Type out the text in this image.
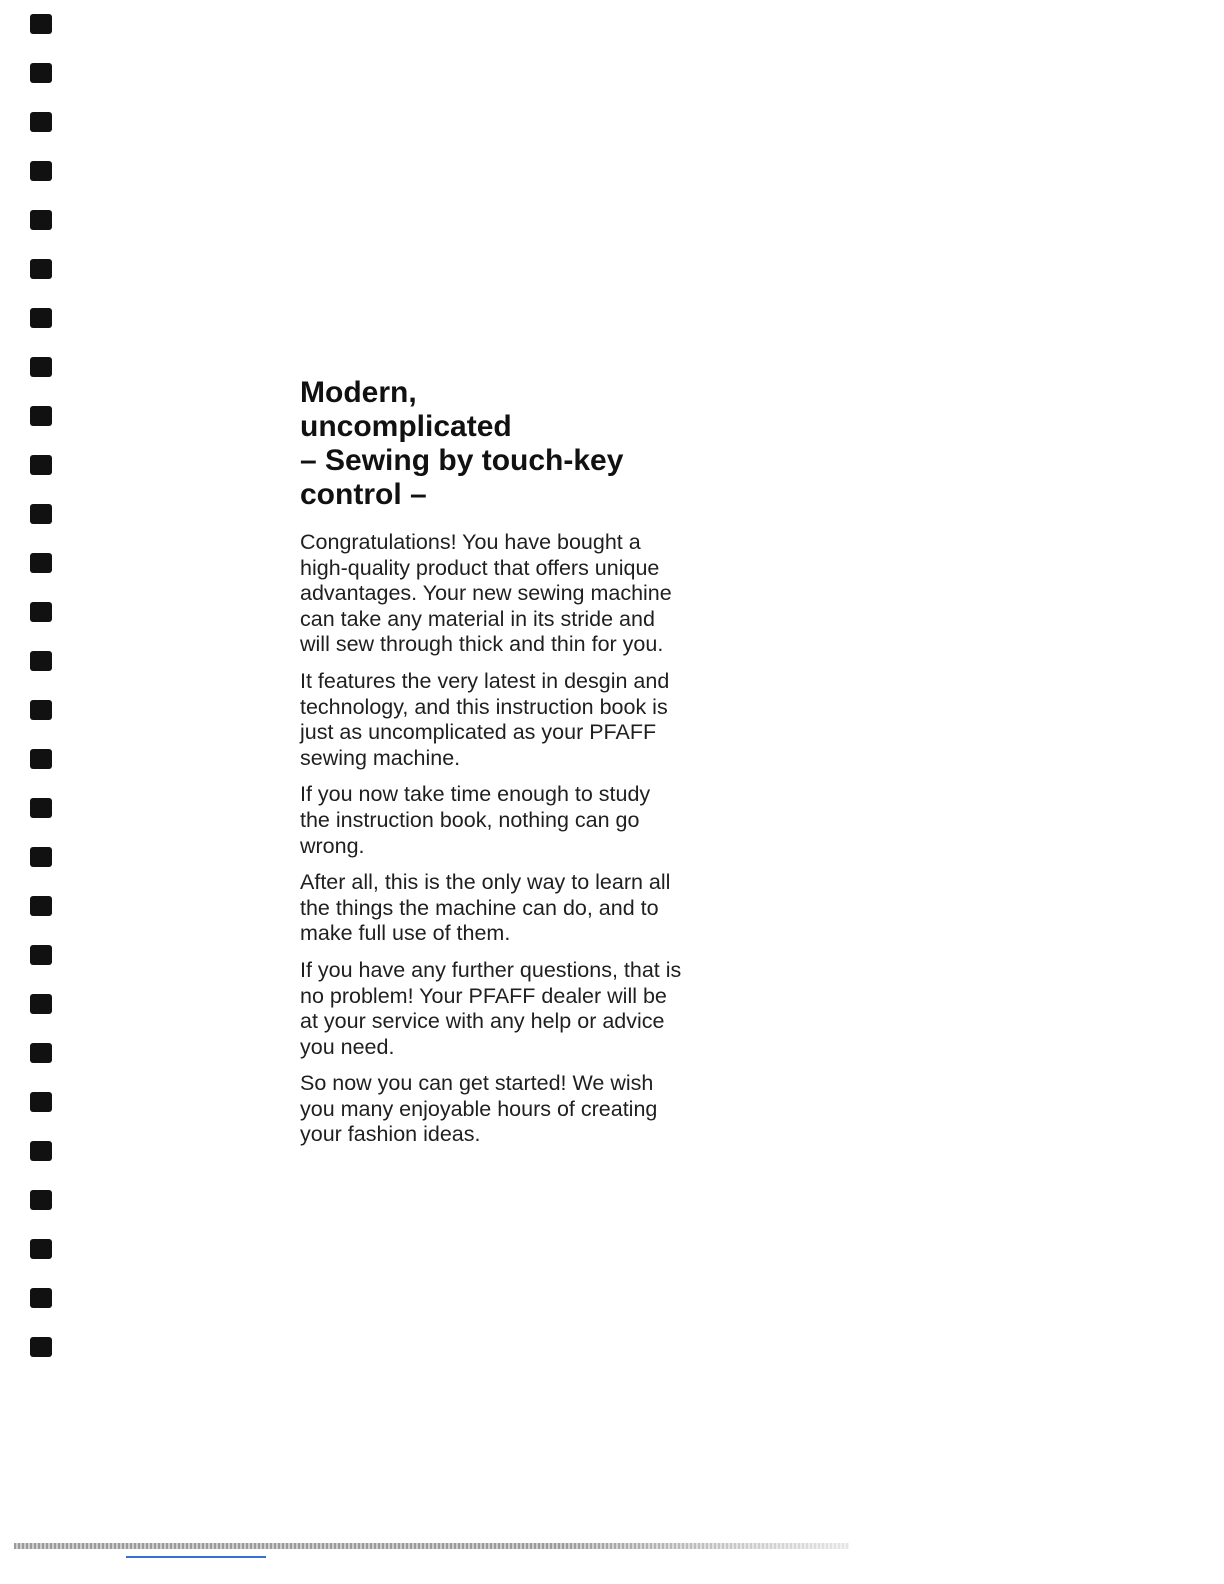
Modern,
uncomplicated
– Sewing by touch-key
control –

Congratulations! You have bought a
high-quality product that offers unique
advantages. Your new sewing machine
can take any material in its stride and
will sew through thick and thin for you.

It features the very latest in desgin and
technology, and this instruction book is
just as uncomplicated as your PFAFF
sewing machine.

If you now take time enough to study
the instruction book, nothing can go
wrong.

After all, this is the only way to learn all
the things the machine can do, and to
make full use of them.

If you have any further questions, that is
no problem! Your PFAFF dealer will be
at your service with any help or advice
you need.

So now you can get started! We wish
you many enjoyable hours of creating
your fashion ideas.
